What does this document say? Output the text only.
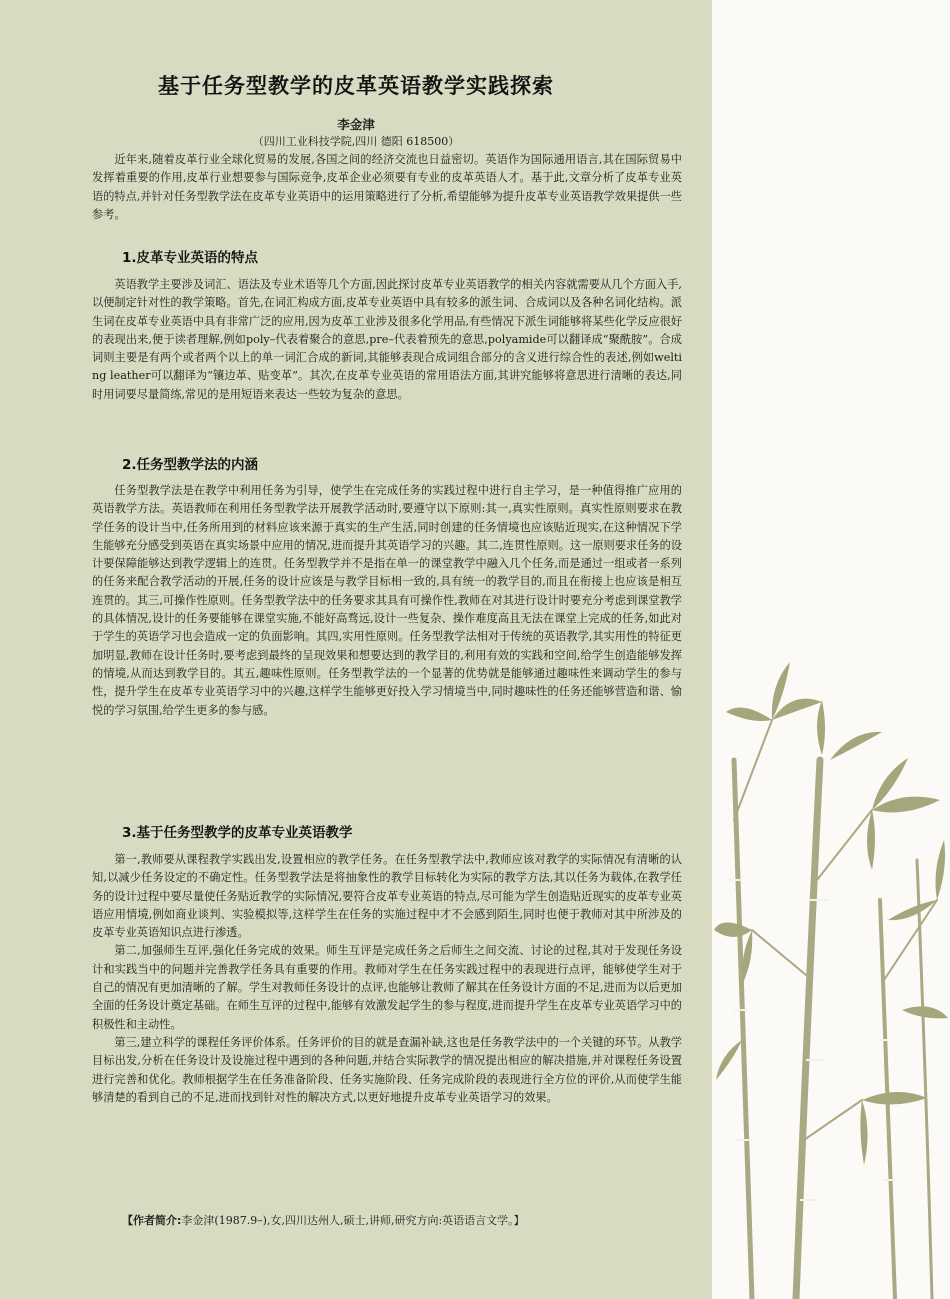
基于任务型教学的皮革英语教学实践探索
李金津
（四川工业科技学院,四川 德阳 618500）

近年来,随着皮革行业全球化贸易的发展,各国之间的经济交流也日益密切。英语作为国际通用语言,其在国际贸易中发挥着重要的作用,皮革行业想要参与国际竞争,皮革企业必须要有专业的皮革英语人才。基于此,文章分析了皮革专业英语的特点,并针对任务型教学法在皮革专业英语中的运用策略进行了分析,希望能够为提升皮革专业英语教学效果提供一些参考。

1.皮革专业英语的特点

英语教学主要涉及词汇、语法及专业术语等几个方面,因此探讨皮革专业英语教学的相关内容就需要从几个方面入手,以便制定针对性的教学策略。首先,在词汇构成方面,皮革专业英语中具有较多的派生词、合成词以及各种名词化结构。派生词在皮革专业英语中具有非常广泛的应用,因为皮革工业涉及很多化学用品,有些情况下派生词能够将某些化学反应很好的表现出来,便于读者理解,例如poly–代表着聚合的意思,pre–代表着预先的意思,polyamide可以翻译成“聚酰胺”。合成词则主要是有两个或者两个以上的单一词汇合成的新词,其能够表现合成词组合部分的含义进行综合性的表述,例如welting leather可以翻译为“镶边革、贴变革”。其次,在皮革专业英语的常用语法方面,其讲究能够将意思进行清晰的表达,同时用词要尽量简练,常见的是用短语来表达一些较为复杂的意思。

2.任务型教学法的内涵

任务型教学法是在教学中利用任务为引导，使学生在完成任务的实践过程中进行自主学习，是一种值得推广应用的英语教学方法。英语教师在利用任务型教学法开展教学活动时,要遵守以下原则:其一,真实性原则。真实性原则要求在教学任务的设计当中,任务所用到的材料应该来源于真实的生产生活,同时创建的任务情境也应该贴近现实,在这种情况下学生能够充分感受到英语在真实场景中应用的情况,进而提升其英语学习的兴趣。其二,连贯性原则。这一原则要求任务的设计要保障能够达到教学逻辑上的连贯。任务型教学并不是指在单一的课堂教学中融入几个任务,而是通过一组或者一系列的任务来配合教学活动的开展,任务的设计应该是与教学目标相一致的,具有统一的教学目的,而且在衔接上也应该是相互连贯的。其三,可操作性原则。任务型教学法中的任务要求其具有可操作性,教师在对其进行设计时要充分考虑到课堂教学的具体情况,设计的任务要能够在课堂实施,不能好高骛远,设计一些复杂、操作难度高且无法在课堂上完成的任务,如此对于学生的英语学习也会造成一定的负面影响。其四,实用性原则。任务型教学法相对于传统的英语教学,其实用性的特征更加明显,教师在设计任务时,要考虑到最终的呈现效果和想要达到的教学目的,利用有效的实践和空间,给学生创造能够发挥的情境,从而达到教学目的。其五,趣味性原则。任务型教学法的一个显著的优势就是能够通过趣味性来调动学生的参与性，提升学生在皮革专业英语学习中的兴趣,这样学生能够更好投入学习情境当中,同时趣味性的任务还能够营造和谐、愉悦的学习氛围,给学生更多的参与感。

3.基于任务型教学的皮革专业英语教学

第一,教师要从课程教学实践出发,设置相应的教学任务。在任务型教学法中,教师应该对教学的实际情况有清晰的认知,以减少任务设定的不确定性。任务型教学法是将抽象性的教学目标转化为实际的教学方法,其以任务为载体,在教学任务的设计过程中要尽量使任务贴近教学的实际情况,要符合皮革专业英语的特点,尽可能为学生创造贴近现实的皮革专业英语应用情境,例如商业谈判、实验模拟等,这样学生在任务的实施过程中才不会感到陌生,同时也便于教师对其中所涉及的皮革专业英语知识点进行渗透。

第二,加强师生互评,强化任务完成的效果。师生互评是完成任务之后师生之间交流、讨论的过程,其对于发现任务设计和实践当中的问题并完善教学任务具有重要的作用。教师对学生在任务实践过程中的表现进行点评，能够使学生对于自己的情况有更加清晰的了解。学生对教师任务设计的点评,也能够让教师了解其在任务设计方面的不足,进而为以后更加全面的任务设计奠定基础。在师生互评的过程中,能够有效激发起学生的参与程度,进而提升学生在皮革专业英语学习中的积极性和主动性。

第三,建立科学的课程任务评价体系。任务评价的目的就是查漏补缺,这也是任务教学法中的一个关键的环节。从教学目标出发,分析在任务设计及设施过程中遇到的各种问题,并结合实际教学的情况提出相应的解决措施,并对课程任务设置进行完善和优化。教师根据学生在任务准备阶段、任务实施阶段、任务完成阶段的表现进行全方位的评价,从而使学生能够清楚的看到自己的不足,进而找到针对性的解决方式,以更好地提升皮革专业英语学习的效果。

【作者简介:李金津(1987.9–),女,四川达州人,硕士,讲师,研究方向:英语语言文学。】
